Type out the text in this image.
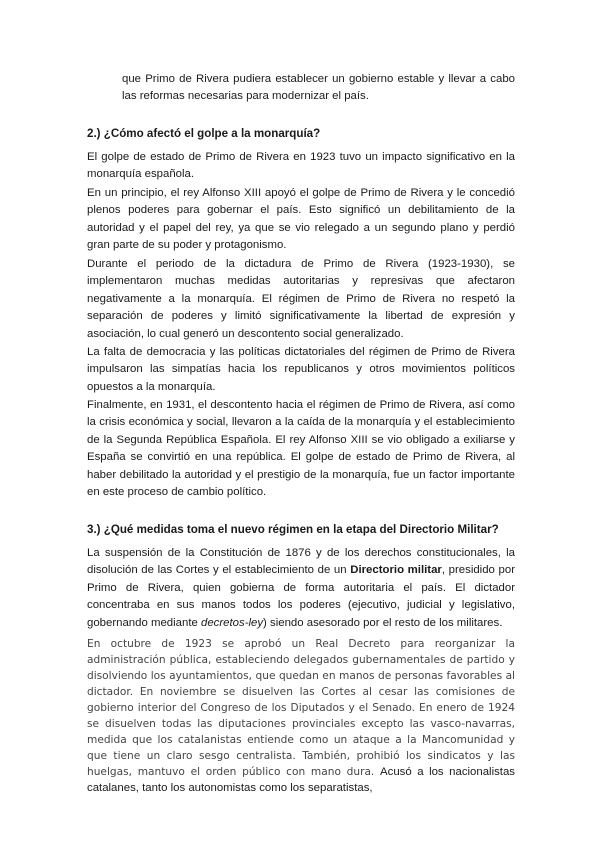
que Primo de Rivera pudiera establecer un gobierno estable y llevar a cabo las reformas necesarias para modernizar el país.

2.) ¿Cómo afectó el golpe a la monarquía?

El golpe de estado de Primo de Rivera en 1923 tuvo un impacto significativo en la monarquía española.

En un principio, el rey Alfonso XIII apoyó el golpe de Primo de Rivera y le concedió plenos poderes para gobernar el país. Esto significó un debilitamiento de la autoridad y el papel del rey, ya que se vio relegado a un segundo plano y perdió gran parte de su poder y protagonismo.

Durante el periodo de la dictadura de Primo de Rivera (1923-1930), se implementaron muchas medidas autoritarias y represivas que afectaron negativamente a la monarquía. El régimen de Primo de Rivera no respetó la separación de poderes y limitó significativamente la libertad de expresión y asociación, lo cual generó un descontento social generalizado.

La falta de democracia y las políticas dictatoriales del régimen de Primo de Rivera impulsaron las simpatías hacia los republicanos y otros movimientos políticos opuestos a la monarquía.

Finalmente, en 1931, el descontento hacia el régimen de Primo de Rivera, así como la crisis económica y social, llevaron a la caída de la monarquía y el establecimiento de la Segunda República Española. El rey Alfonso XIII se vio obligado a exiliarse y España se convirtió en una república. El golpe de estado de Primo de Rivera, al haber debilitado la autoridad y el prestigio de la monarquía, fue un factor importante en este proceso de cambio político.

3.) ¿Qué medidas toma el nuevo régimen en la etapa del Directorio Militar?

La suspensión de la Constitución de 1876 y de los derechos constitucionales, la disolución de las Cortes y el establecimiento de un Directorio militar, presidido por Primo de Rivera, quien gobierna de forma autoritaria el país. El dictador concentraba en sus manos todos los poderes (ejecutivo, judicial y legislativo, gobernando mediante decretos-ley) siendo asesorado por el resto de los militares.

En octubre de 1923 se aprobó un Real Decreto para reorganizar la administración pública, estableciendo delegados gubernamentales de partido y disolviendo los ayuntamientos, que quedan en manos de personas favorables al dictador. En noviembre se disuelven las Cortes al cesar las comisiones de gobierno interior del Congreso de los Diputados y el Senado. En enero de 1924 se disuelven todas las diputaciones provinciales excepto las vasco-navarras, medida que los catalanistas entiende como un ataque a la Mancomunidad y que tiene un claro sesgo centralista. También, prohibió los sindicatos y las huelgas, mantuvo el orden público con mano dura. Acusó a los nacionalistas catalanes, tanto los autonomistas como los separatistas,
